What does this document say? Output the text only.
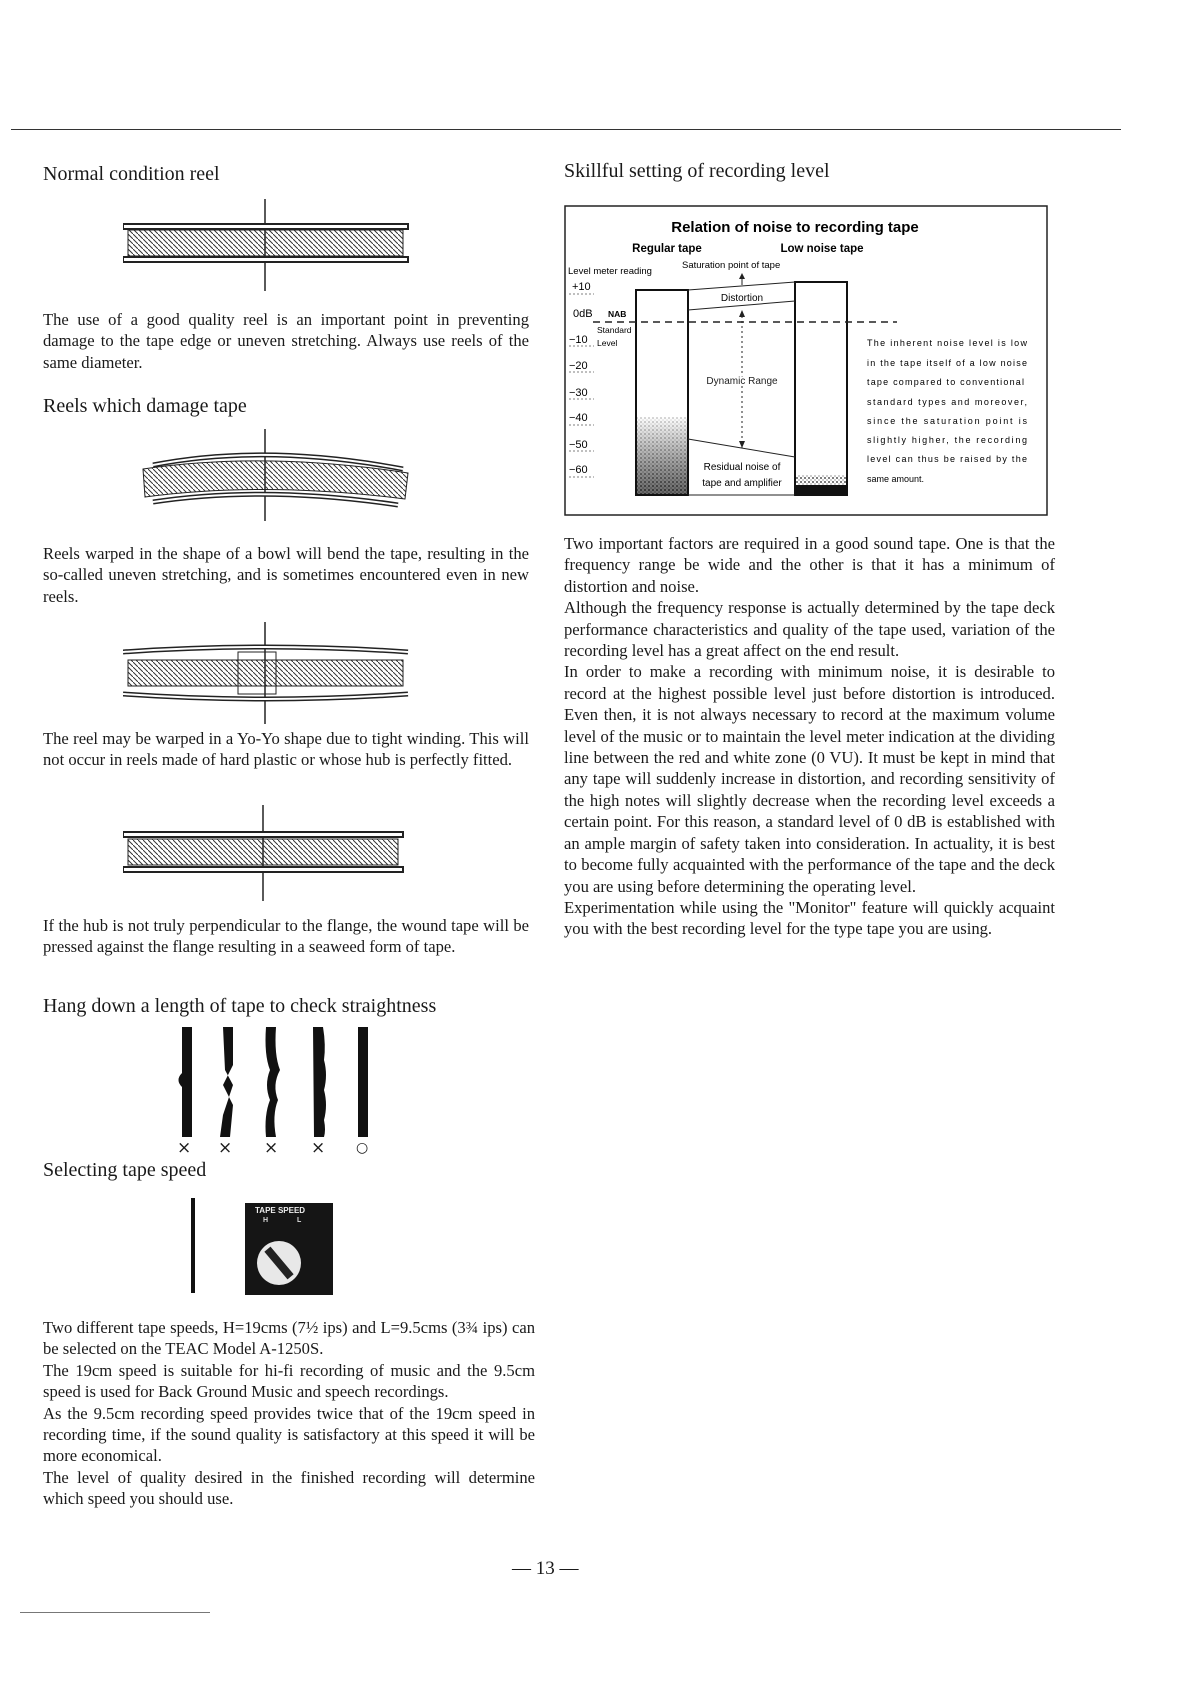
Normal condition reel
The use of a good quality reel is an important point in preventing damage to the tape edge or uneven stretching. Always use reels of the same diameter.
Reels which damage tape
Reels warped in the shape of a bowl will bend the tape, resulting in the so-called uneven stretching, and is sometimes encountered even in new reels.
The reel may be warped in a Yo-Yo shape due to tight winding. This will not occur in reels made of hard plastic or whose hub is perfectly fitted.
If the hub is not truly perpendicular to the flange, the wound tape will be pressed against the flange resulting in a seaweed form of tape.
Hang down a length of tape to check straightness
× × × × ○
Selecting tape speed
TAPE SPEED
H	L
Two different tape speeds, H=19cms (7½ ips) and L=9.5cms (3¾ ips) can be selected on the TEAC Model A-1250S.
The 19cm speed is suitable for hi-fi recording of music and the 9.5cm speed is used for Back Ground Music and speech recordings.
As the 9.5cm recording speed provides twice that of the 19cm speed in recording time, if the sound quality is satisfactory at this speed it will be more economical.
The level of quality desired in the finished recording will determine which speed you should use.
Skillful setting of recording level
Relation of noise to recording tape
Regular tape	Low noise tape
Level meter reading
Saturation point of tape
+10
0dB
−10
−20
−30
−40
−50
−60
NAB
Standard
Level
Distortion
Dynamic Range
Residual noise of
tape and amplifier
The inherent noise level is low
in the tape itself of a low noise
tape compared to conventional
standard types and moreover,
since the saturation point is
slightly higher, the recording
level can thus be raised by the
same amount.
Two important factors are required in a good sound tape. One is that the frequency range be wide and the other is that it has a minimum of distortion and noise.
Although the frequency response is actually determined by the tape deck performance characteristics and quality of the tape used, variation of the recording level has a great affect on the end result.
In order to make a recording with minimum noise, it is desirable to record at the highest possible level just before distortion is introduced. Even then, it is not always necessary to record at the maximum volume level of the music or to maintain the level meter indication at the dividing line between the red and white zone (0 VU). It must be kept in mind that any tape will suddenly increase in distortion, and recording sensitivity of the high notes will slightly decrease when the recording level exceeds a certain point. For this reason, a standard level of 0 dB is established with an ample margin of safety taken into consideration. In actuality, it is best to become fully acquainted with the performance of the tape and the deck you are using before determining the operating level.
Experimentation while using the "Monitor" feature will quickly acquaint you with the best recording level for the type tape you are using.
— 13 —
